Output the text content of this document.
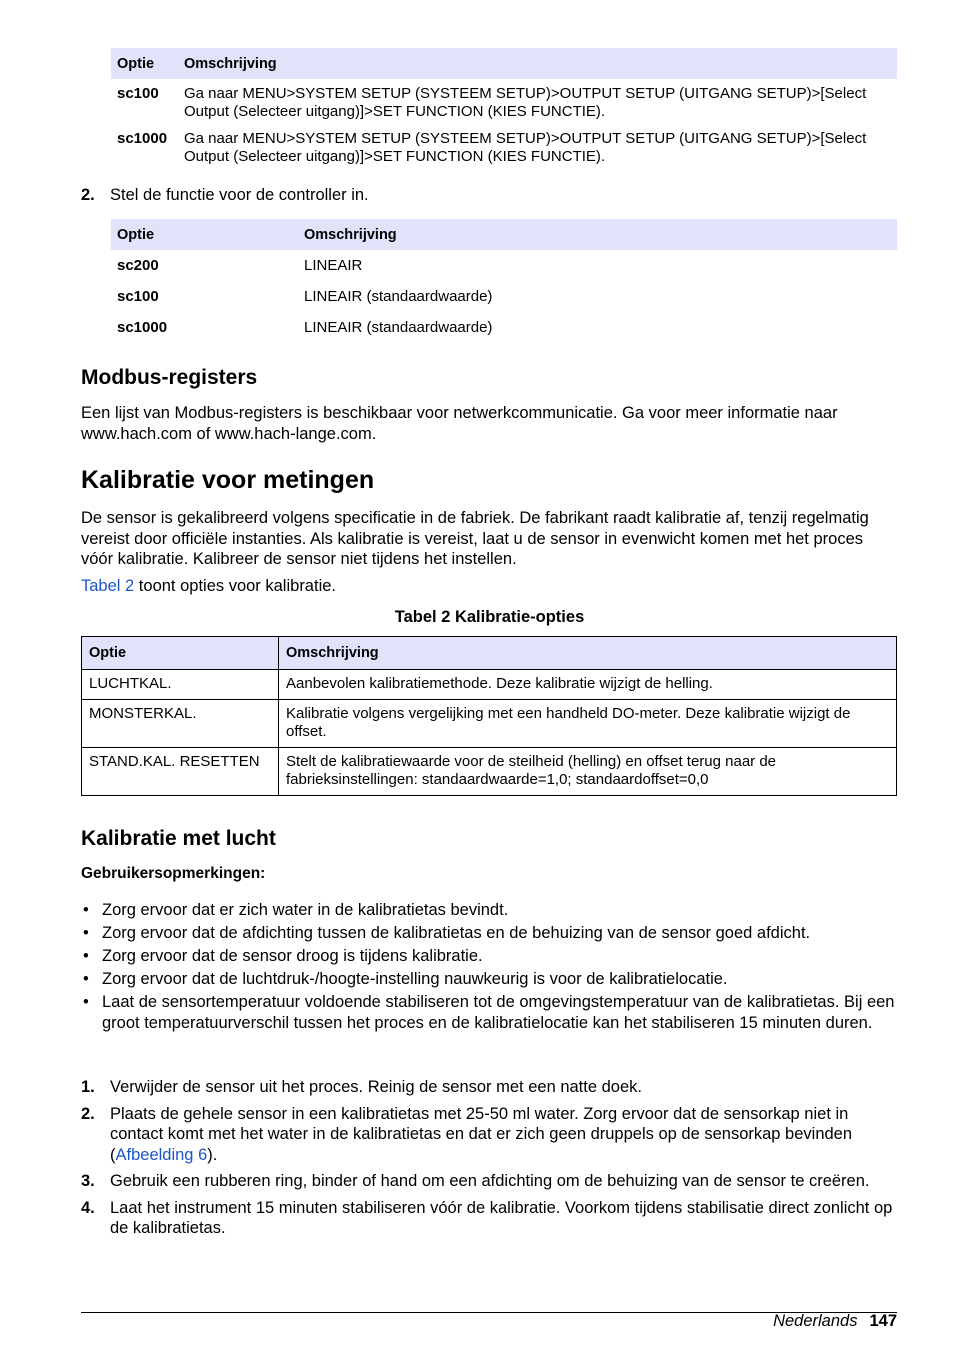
Optie	Omschrijving
sc100	Ga naar MENU>SYSTEM SETUP (SYSTEEM SETUP)>OUTPUT SETUP (UITGANG SETUP)>[Select Output (Selecteer uitgang)]>SET FUNCTION (KIES FUNCTIE).
sc1000	Ga naar MENU>SYSTEM SETUP (SYSTEEM SETUP)>OUTPUT SETUP (UITGANG SETUP)>[Select Output (Selecteer uitgang)]>SET FUNCTION (KIES FUNCTIE).
2. Stel de functie voor de controller in.
Optie	Omschrijving
sc200	LINEAIR
sc100	LINEAIR (standaardwaarde)
sc1000	LINEAIR (standaardwaarde)
Modbus-registers
Een lijst van Modbus-registers is beschikbaar voor netwerkcommunicatie. Ga voor meer informatie naar www.hach.com of www.hach-lange.com.
Kalibratie voor metingen
De sensor is gekalibreerd volgens specificatie in de fabriek. De fabrikant raadt kalibratie af, tenzij regelmatig vereist door officiële instanties. Als kalibratie is vereist, laat u de sensor in evenwicht komen met het proces vóór kalibratie. Kalibreer de sensor niet tijdens het instellen.
Tabel 2 toont opties voor kalibratie.
Tabel 2 Kalibratie-opties
Optie	Omschrijving
LUCHTKAL.	Aanbevolen kalibratiemethode. Deze kalibratie wijzigt de helling.
MONSTERKAL.	Kalibratie volgens vergelijking met een handheld DO-meter. Deze kalibratie wijzigt de offset.
STAND.KAL. RESETTEN	Stelt de kalibratiewaarde voor de steilheid (helling) en offset terug naar de fabrieksinstellingen: standaardwaarde=1,0; standaardoffset=0,0
Kalibratie met lucht
Gebruikersopmerkingen:
• Zorg ervoor dat er zich water in de kalibratietas bevindt.
• Zorg ervoor dat de afdichting tussen de kalibratietas en de behuizing van de sensor goed afdicht.
• Zorg ervoor dat de sensor droog is tijdens kalibratie.
• Zorg ervoor dat de luchtdruk-/hoogte-instelling nauwkeurig is voor de kalibratielocatie.
• Laat de sensortemperatuur voldoende stabiliseren tot de omgevingstemperatuur van de kalibratietas. Bij een groot temperatuurverschil tussen het proces en de kalibratielocatie kan het stabiliseren 15 minuten duren.
1. Verwijder de sensor uit het proces. Reinig de sensor met een natte doek.
2. Plaats de gehele sensor in een kalibratietas met 25-50 ml water. Zorg ervoor dat de sensorkap niet in contact komt met het water in de kalibratietas en dat er zich geen druppels op de sensorkap bevinden (Afbeelding 6).
3. Gebruik een rubberen ring, binder of hand om een afdichting om de behuizing van de sensor te creëren.
4. Laat het instrument 15 minuten stabiliseren vóór de kalibratie. Voorkom tijdens stabilisatie direct zonlicht op de kalibratietas.
Nederlands 147
